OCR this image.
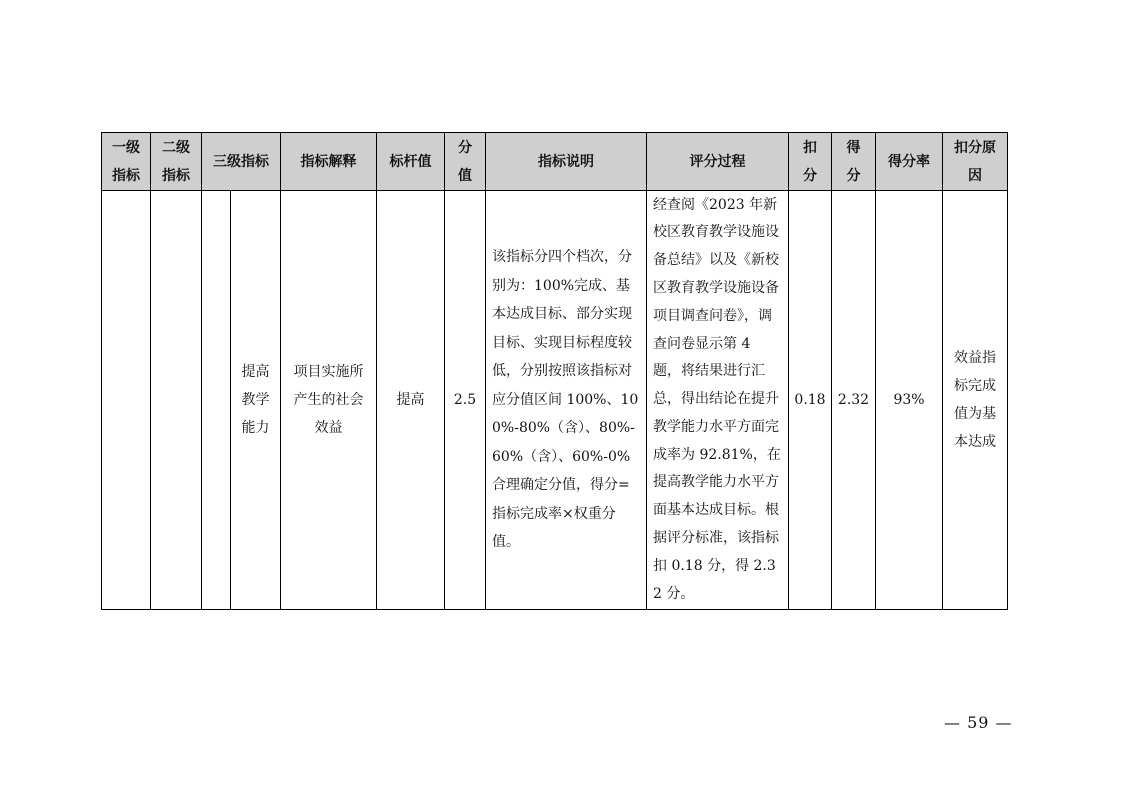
一级指标	二级指标	三级指标		指标解释	标杆值	分值	指标说明	评分过程	扣分	得分	得分率	扣分原因

			提高教学能力	项目实施所产生的社会效益	提高	2.5	该指标分四个档次，分别为：100%完成、基本达成目标、部分实现目标、实现目标程度较低，分别按照该指标对应分值区间 100%、100%-80%（含）、80%-60%（含）、60%-0%合理确定分值，得分=指标完成率×权重分值。	经查阅《2023 年新校区教育教学设施设备总结》以及《新校区教育教学设施设备项目调查问卷》，调查问卷显示第 4 题，将结果进行汇总，得出结论在提升教学能力水平方面完成率为 92.81%，在提高教学能力水平方面基本达成目标。根据评分标准，该指标扣 0.18 分，得 2.32 分。	0.18	2.32	93%	效益指标完成值为基本达成
— 59 —
